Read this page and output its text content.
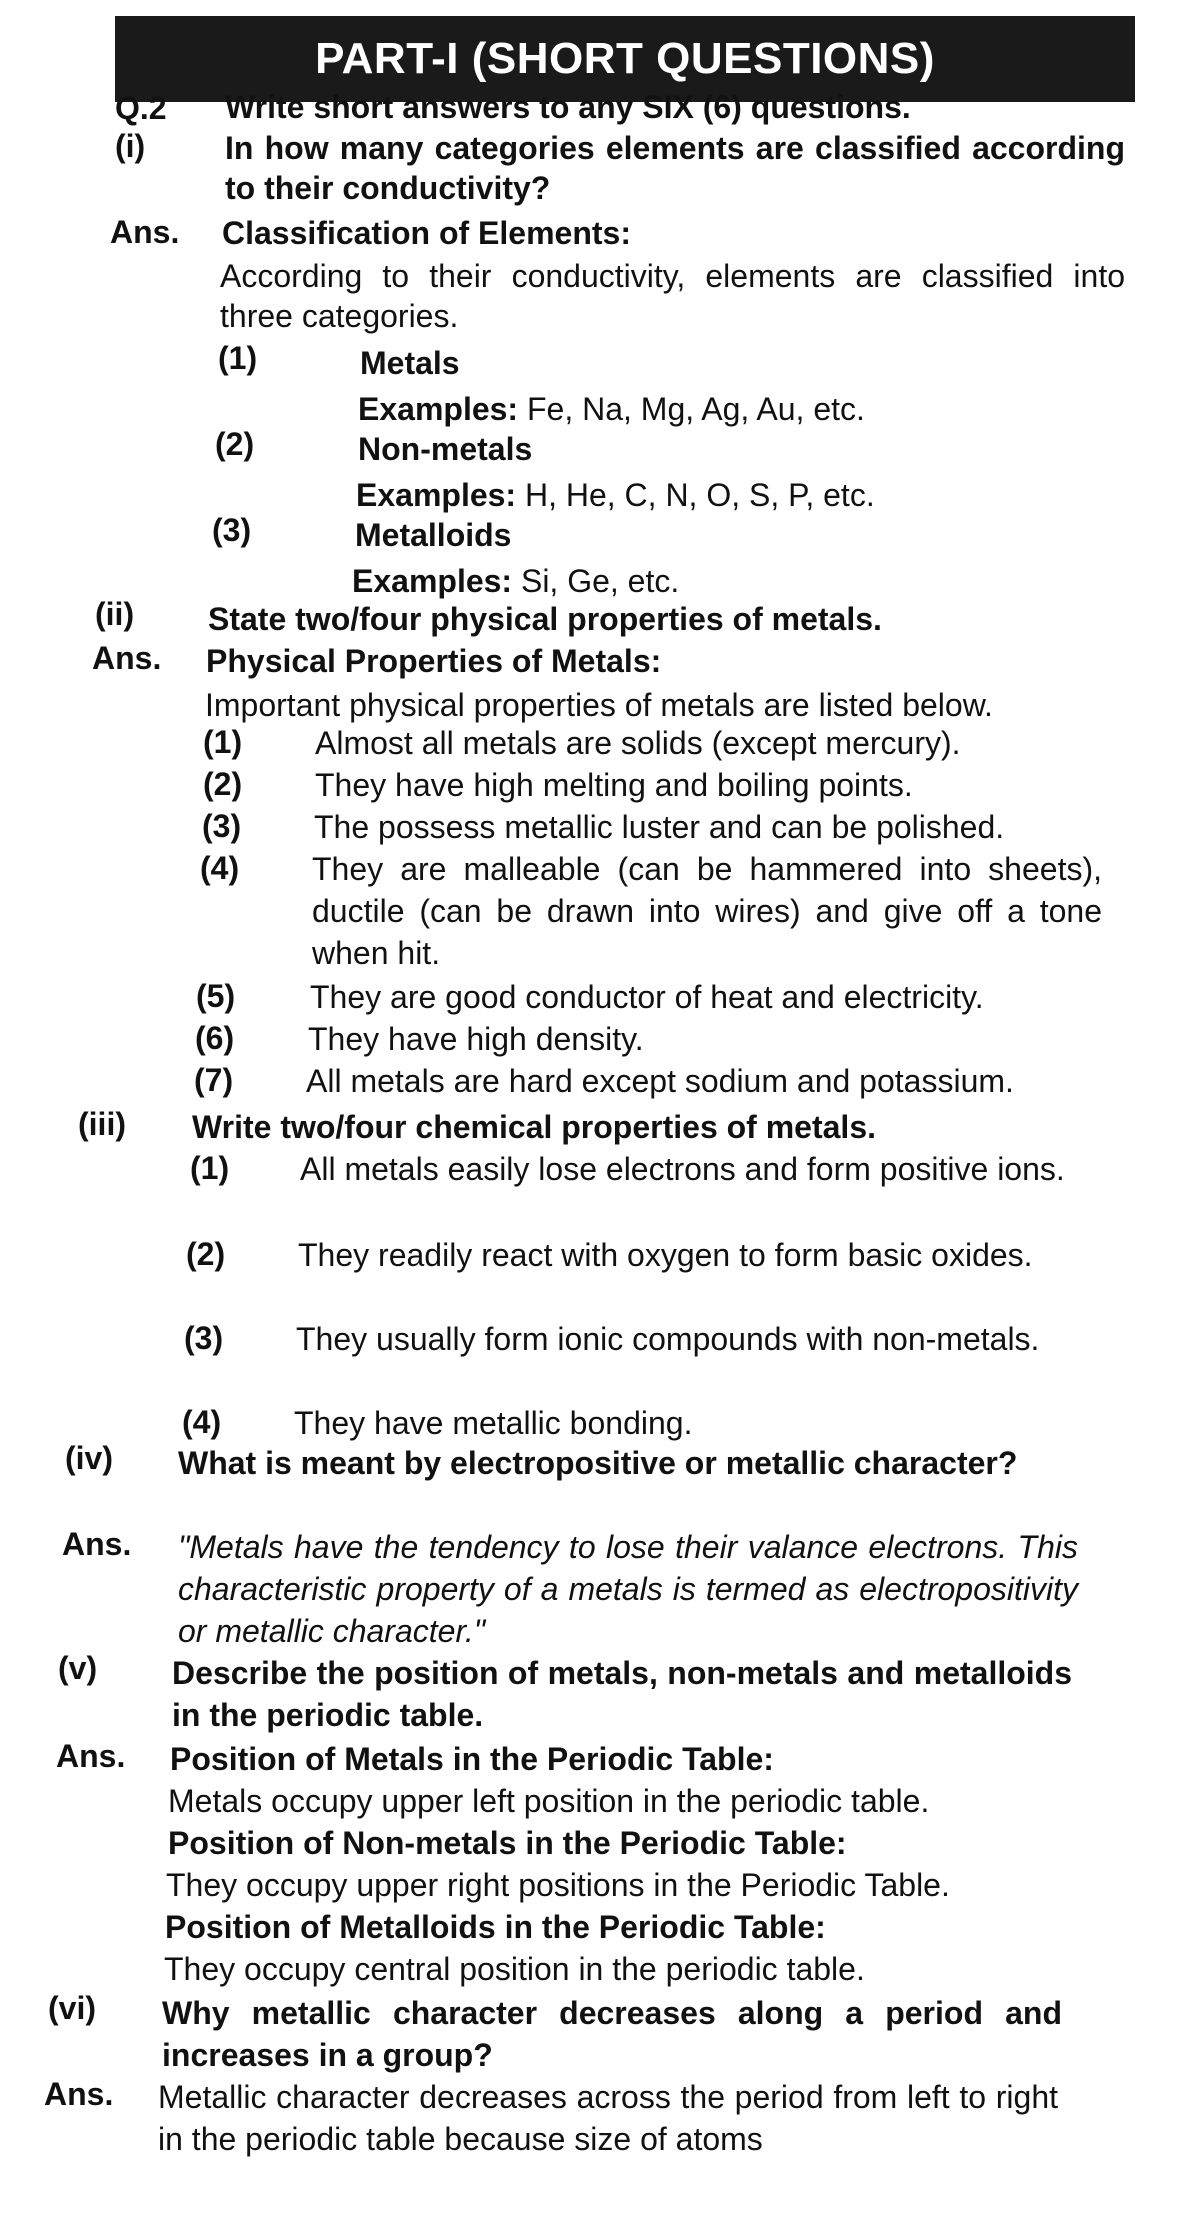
PART-I (SHORT QUESTIONS)
Q.2 Write short answers to any SIX (6) questions.
(i) In how many categories elements are classified according to their conductivity?
Ans. Classification of Elements:
According to their conductivity, elements are classified into three categories.
(1)	Metals
Examples: Fe, Na, Mg, Ag, Au, etc.
(2)	Non-metals
Examples: H, He, C, N, O, S, P, etc.
(3)	Metalloids
Examples: Si, Ge, etc.
(ii) State two/four physical properties of metals.
Ans. Physical Properties of Metals:
Important physical properties of metals are listed below.
(1) Almost all metals are solids (except mercury).
(2) They have high melting and boiling points.
(3) The possess metallic luster and can be polished.
(4) They are malleable (can be hammered into sheets), ductile (can be drawn into wires) and give off a tone when hit.
(5) They are good conductor of heat and electricity.
(6) They have high density.
(7) All metals are hard except sodium and potassium.
(iii) Write two/four chemical properties of metals.
(1) All metals easily lose electrons and form positive ions.
(2) They readily react with oxygen to form basic oxides.
(3) They usually form ionic compounds with non-metals.
(4) They have metallic bonding.
(iv) What is meant by electropositive or metallic character?
Ans. "Metals have the tendency to lose their valance electrons. This characteristic property of a metals is termed as electropositivity or metallic character."
(v) Describe the position of metals, non-metals and metalloids in the periodic table.
Ans. Position of Metals in the Periodic Table:
Metals occupy upper left position in the periodic table.
Position of Non-metals in the Periodic Table:
They occupy upper right positions in the Periodic Table.
Position of Metalloids in the Periodic Table:
They occupy central position in the periodic table.
(vi) Why metallic character decreases along a period and increases in a group?
Ans. Metallic character decreases across the period from left to right in the periodic table because size of atoms
